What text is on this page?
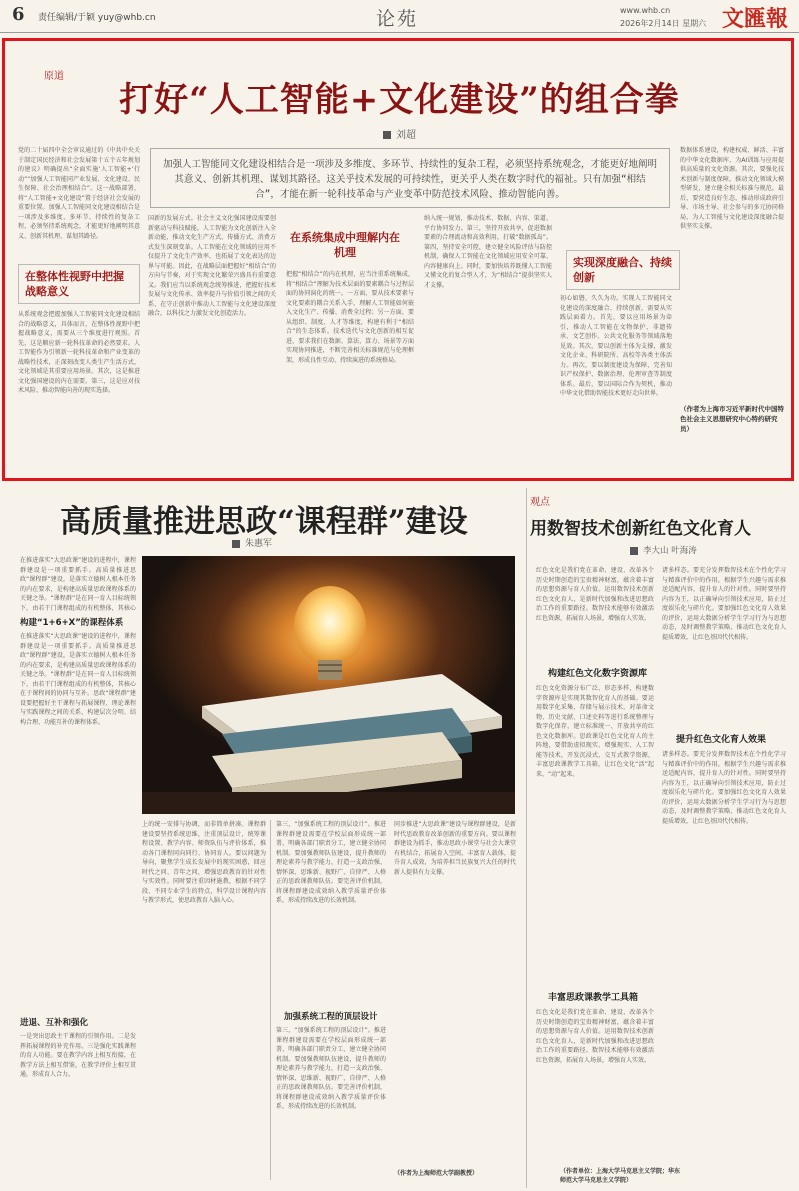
6 责任编辑/于颖 yuy@whb.cn	论苑	www.whb.cn
2026年2月14日 星期六 文匯報
原道
打好“人工智能+文化建设”的组合拳
刘超
加强人工智能同文化建设相结合是一项涉及多维度、多环节、持续性的复杂工程，必须坚持系统观念，才能更好地阐明其意义、创新其机理、谋划其路径。这关乎技术发展的可持续性，更关乎人类在数字时代的福祉。只有加强“相结合”，才能在新一轮科技革命与产业变革中防范技术风险、推动智能向善。
党的二十届四中全会审议通过的《中共中央关于制定国民经济和社会发展第十五个五年规划的建议》明确提出“全面实施‘人工智能+’行动”“加强人工智能同产业发展、文化建设、民生保障、社会治理相结合”。这一战略部署，将“人工智能+文化建设”置于经济社会发展的重要位置。加强人工智能同文化建设相结合是一项涉及多维度、多环节、持续性的复杂工程，必须坚持系统观念，才能更好地阐明其意义、创新其机理、谋划其路径。
在整体性视野中把握战略意义
从系统观念把握加强人工智能同文化建设相结合的战略意义，具体而言，在整体性视野中把握战略意义，需要从三个维度进行观照。首先，这是顺应新一轮科技革命的必然要求。人工智能作为引领新一轮科技革命和产业变革的战略性技术，正深刻改变人类生产生活方式，文化领域是其重要应用场景。其次，这是推进文化强国建设的内在需要。第三，这是应对技术风险、推动智能向善的现实选择。
国新的发展方式。社会主义文化强国建设需要创新驱动与科技赋能。人工智能为文化创新注入全新动能，推动文化生产方式、传播方式、消费方式发生深刻变革。人工智能在文化领域的应用不仅提升了文化生产效率，也拓展了文化表达的边界与可能。因此，在战略层面把握好“相结合”的方向与节奏，对于实现文化繁荣兴盛具有重要意义。我们应当以系统观念统筹推进，把握好技术发展与文化传承、效率提升与价值引领之间的关系，在守正创新中推动人工智能与文化建设深度融合，以科技之力激发文化创造活力。
在系统集成中理解内在机理
把握“相结合”的内在机理，应当注重系统集成，将“相结合”理解为技术层面的要素耦合与过程层面的协同演化的统一。一方面，要从技术要素与文化要素的耦合关系入手，理解人工智能如何嵌入文化生产、传播、消费全过程；另一方面，要从组织、制度、人才等维度，构建有利于“相结合”的生态体系。技术迭代与文化创新的相互促进，要求我们在数据、算法、算力、场景等方面实现协同推进，不断完善相关标准规范与伦理框架，形成良性互动、持续演进的系统格局。
纳入统一规划，推动技术、数据、内容、渠道、平台协同发力。第三，坚持开放共享，促进数据要素的合理流动和高效利用，打破“数据孤岛”。第四，坚持安全可控，建立健全风险评估与防控机制，确保人工智能在文化领域应用安全可靠、内容健康向上。同时，要加快培养既懂人工智能又懂文化的复合型人才，为“相结合”提供坚实人才支撑。
实现深度融合、持续创新
初心如磐，久久为功。实现人工智能同文化建设的深度融合、持续创新，需要从实践层面着力。首先，要以应用场景为牵引，推动人工智能在文物保护、非遗传承、文艺创作、公共文化服务等领域落地见效。其次，要以创新主体为支撑，激发文化企业、科研院所、高校等各类主体活力。再次，要以制度建设为保障，完善知识产权保护、数据治理、伦理审查等制度体系。最后，要以国际合作为契机，推动中华文化借助智能技术更好走向世界。
数据体系建设，构建权威、鲜活、丰富的中华文化数据库，为AI训练与应用提供高质量的文化资源。其次，要强化技术创新与制度保障，推动文化领域大模型研发，建立健全相关标准与规范。最后，要营造良好生态，推动形成政府引导、市场主导、社会参与的多元协同格局，为人工智能与文化建设深度融合提供坚实支撑。
（作者为上海市习近平新时代中国特色社会主义思想研究中心特约研究员）
高质量推进思政“课程群”建设
朱惠军
在推进落实“大思政课”建设的进程中，课程群建设是一项重要抓手。高质量推进思政“课程群”建设，是落实立德树人根本任务的内在要求，是构建高质量思政课程体系的关键之举。“课程群”是在同一育人目标统领下，由若干门课程组成的有机整体，其核心
构建“1+6+X”的课程体系
在推进落实“大思政课”建设的进程中，课程群建设是一项重要抓手。高质量推进思政“课程群”建设，是落实立德树人根本任务的内在要求，是构建高质量思政课程体系的关键之举。“课程群”是在同一育人目标统领下，由若干门课程组成的有机整体，其核心在于课程间的协同与互补。思政“课程群”建设要把握好主干课程与拓展课程、理论课程与实践课程之间的关系，构建层次分明、结构合理、功能互补的课程体系。
进退、互补和强化
一是突出思政主干课程的引领作用。二是发挥拓展课程的补充作用。三是强化实践课程的育人功能。要在教学内容上相互衔接，在教学方法上相互借鉴，在教学评价上相互贯通，形成育人合力。
上的统一安排与协调，而非简单拼凑。课程群建设要坚持系统思维，注重顶层设计，统筹课程设置、教学内容、师资队伍与评价体系，推动各门课程同向同行、协同育人。要以问题为导向，聚焦学生成长发展中的现实困惑，回应时代之问、青年之问，增强思政教育的针对性与实效性。同时要注重因材施教，根据不同学段、不同专业学生的特点，科学设计课程内容与教学形式，使思政教育入脑入心。
第三，“加强系统工程的顶层设计”。推进课程群建设需要在学校层面形成统一部署，明确各部门职责分工，建立健全协同机制。要加强教师队伍建设，提升教师的理论素养与教学能力，打造一支政治强、情怀深、思维新、视野广、自律严、人格正的思政课教师队伍。要完善评价机制，将课程群建设成效纳入教学质量评价体系，形成持续改进的长效机制。
加强系统工程的顶层设计
第三，“加强系统工程的顶层设计”。推进课程群建设需要在学校层面形成统一部署，明确各部门职责分工，建立健全协同机制。要加强教师队伍建设，提升教师的理论素养与教学能力，打造一支政治强、情怀深、思维新、视野广、自律严、人格正的思政课教师队伍。要完善评价机制，将课程群建设成效纳入教学质量评价体系，形成持续改进的长效机制。
同步推进“大思政课”建设与课程群建设，是新时代思政教育改革创新的重要方向。要以课程群建设为抓手，推动思政小课堂与社会大课堂有机结合，拓展育人空间，丰富育人载体，提升育人成效，为培养担当民族复兴大任的时代新人提供有力支撑。
（作者为上海师范大学副教授）
观点
用数智技术创新红色文化育人
李大山 叶海涛
红色文化是我们党在革命、建设、改革各个历史时期创造的宝贵精神财富，蕴含着丰富的思想资源与育人价值。运用数智技术创新红色文化育人，是新时代加强和改进思想政治工作的重要路径。数智技术能够有效激活红色资源，拓展育人场景，增强育人实效。
构建红色文化数字资源库
红色文化资源分布广泛、形态多样，构建数字资源库是实现其数智化育人的基础。要运用数字化采集、存储与展示技术，对革命文物、历史文献、口述史料等进行系统整理与数字化保存，建立标准统一、开放共享的红色文化数据库。思政课是红色文化育人的主阵地，要借助虚拟现实、增强现实、人工智能等技术，开发沉浸式、交互式教学资源，丰富思政课教学工具箱，让红色文化“活”起来、“动”起来。
丰富思政课教学工具箱
红色文化是我们党在革命、建设、改革各个历史时期创造的宝贵精神财富，蕴含着丰富的思想资源与育人价值。运用数智技术创新红色文化育人，是新时代加强和改进思想政治工作的重要路径。数智技术能够有效激活红色资源，拓展育人场景，增强育人实效。
（作者单位：上海大学马克思主义学院；华东师范大学马克思主义学院）
诸多样态。要充分发挥数智技术在个性化学习与精准评价中的作用，根据学生兴趣与需求推送适配内容，提升育人的针对性。同时要坚持内容为王，以正确导向引领技术应用，防止过度娱乐化与碎片化。要加强红色文化育人效果的评价，运用大数据分析学生学习行为与思想动态，及时调整教学策略，推动红色文化育人提质增效，让红色基因代代相传。
提升红色文化育人效果
诸多样态。要充分发挥数智技术在个性化学习与精准评价中的作用，根据学生兴趣与需求推送适配内容，提升育人的针对性。同时要坚持内容为王，以正确导向引领技术应用，防止过度娱乐化与碎片化。要加强红色文化育人效果的评价，运用大数据分析学生学习行为与思想动态，及时调整教学策略，推动红色文化育人提质增效，让红色基因代代相传。
